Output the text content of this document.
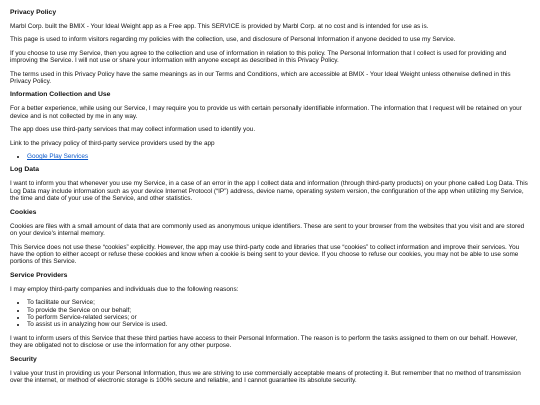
Privacy Policy

Marbl Corp. built the BMIX - Your Ideal Weight app as a Free app. This SERVICE is provided by Marbl Corp. at no cost and is intended for use as is.

This page is used to inform visitors regarding my policies with the collection, use, and disclosure of Personal Information if anyone decided to use my Service.

If you choose to use my Service, then you agree to the collection and use of information in relation to this policy. The Personal Information that I collect is used for providing and improving the Service. I will not use or share your information with anyone except as described in this Privacy Policy.

The terms used in this Privacy Policy have the same meanings as in our Terms and Conditions, which are accessible at BMIX - Your Ideal Weight unless otherwise defined in this Privacy Policy.

Information Collection and Use

For a better experience, while using our Service, I may require you to provide us with certain personally identifiable information. The information that I request will be retained on your device and is not collected by me in any way.

The app does use third-party services that may collect information used to identify you.

Link to the privacy policy of third-party service providers used by the app

• Google Play Services
Log Data

I want to inform you that whenever you use my Service, in a case of an error in the app I collect data and information (through third-party products) on your phone called Log Data. This Log Data may include information such as your device Internet Protocol (“IP”) address, device name, operating system version, the configuration of the app when utilizing my Service, the time and date of your use of the Service, and other statistics.

Cookies

Cookies are files with a small amount of data that are commonly used as anonymous unique identifiers. These are sent to your browser from the websites that you visit and are stored on your device's internal memory.

This Service does not use these “cookies” explicitly. However, the app may use third-party code and libraries that use “cookies” to collect information and improve their services. You have the option to either accept or refuse these cookies and know when a cookie is being sent to your device. If you choose to refuse our cookies, you may not be able to use some portions of this Service.

Service Providers

I may employ third-party companies and individuals due to the following reasons:

• To facilitate our Service;
• To provide the Service on our behalf;
• To perform Service-related services; or
• To assist us in analyzing how our Service is used.

I want to inform users of this Service that these third parties have access to their Personal Information. The reason is to perform the tasks assigned to them on our behalf. However, they are obligated not to disclose or use the information for any other purpose.

Security

I value your trust in providing us your Personal Information, thus we are striving to use commercially acceptable means of protecting it. But remember that no method of transmission over the internet, or method of electronic storage is 100% secure and reliable, and I cannot guarantee its absolute security.
